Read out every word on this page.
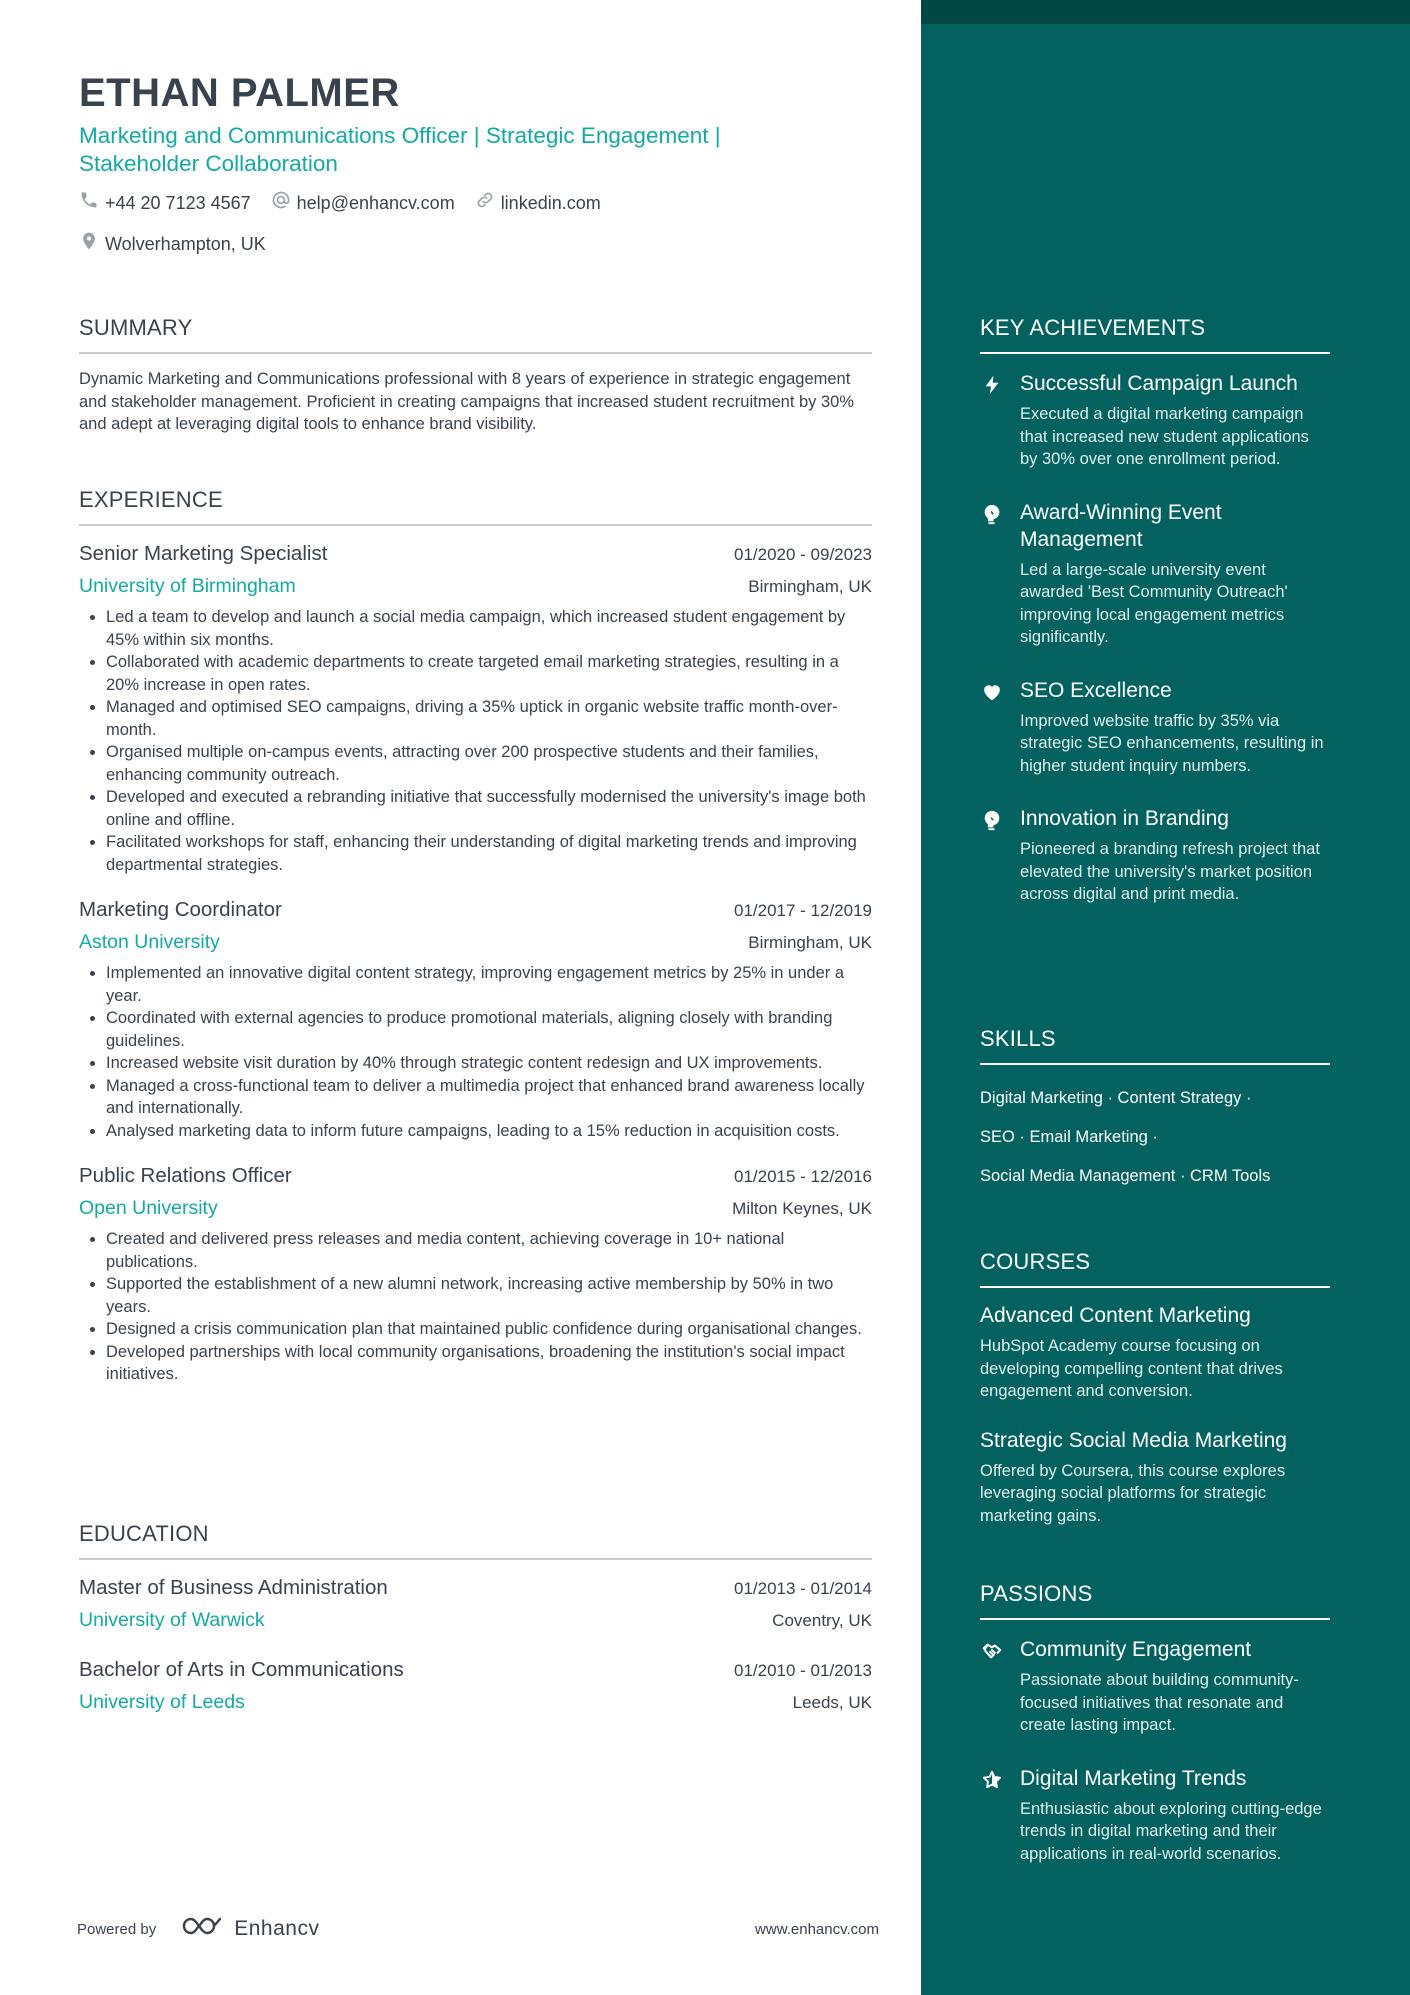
ETHAN PALMER
Marketing and Communications Officer | Strategic Engagement | Stakeholder Collaboration
+44 20 7123 4567	help@enhancv.com	linkedin.com
Wolverhampton, UK
SUMMARY
Dynamic Marketing and Communications professional with 8 years of experience in strategic engagement and stakeholder management. Proficient in creating campaigns that increased student recruitment by 30% and adept at leveraging digital tools to enhance brand visibility.
EXPERIENCE
Senior Marketing Specialist	01/2020 - 09/2023
University of Birmingham	Birmingham, UK
• Led a team to develop and launch a social media campaign, which increased student engagement by 45% within six months.
• Collaborated with academic departments to create targeted email marketing strategies, resulting in a 20% increase in open rates.
• Managed and optimised SEO campaigns, driving a 35% uptick in organic website traffic month-over-month.
• Organised multiple on-campus events, attracting over 200 prospective students and their families, enhancing community outreach.
• Developed and executed a rebranding initiative that successfully modernised the university's image both online and offline.
• Facilitated workshops for staff, enhancing their understanding of digital marketing trends and improving departmental strategies.
Marketing Coordinator	01/2017 - 12/2019
Aston University	Birmingham, UK
• Implemented an innovative digital content strategy, improving engagement metrics by 25% in under a year.
• Coordinated with external agencies to produce promotional materials, aligning closely with branding guidelines.
• Increased website visit duration by 40% through strategic content redesign and UX improvements.
• Managed a cross-functional team to deliver a multimedia project that enhanced brand awareness locally and internationally.
• Analysed marketing data to inform future campaigns, leading to a 15% reduction in acquisition costs.
Public Relations Officer	01/2015 - 12/2016
Open University	Milton Keynes, UK
• Created and delivered press releases and media content, achieving coverage in 10+ national publications.
• Supported the establishment of a new alumni network, increasing active membership by 50% in two years.
• Designed a crisis communication plan that maintained public confidence during organisational changes.
• Developed partnerships with local community organisations, broadening the institution's social impact initiatives.
EDUCATION
Master of Business Administration	01/2013 - 01/2014
University of Warwick	Coventry, UK
Bachelor of Arts in Communications	01/2010 - 01/2013
University of Leeds	Leeds, UK
Powered by	Enhancv	www.enhancv.com
KEY ACHIEVEMENTS
Successful Campaign Launch
Executed a digital marketing campaign that increased new student applications by 30% over one enrollment period.
Award-Winning Event Management
Led a large-scale university event awarded 'Best Community Outreach' improving local engagement metrics significantly.
SEO Excellence
Improved website traffic by 35% via strategic SEO enhancements, resulting in higher student inquiry numbers.
Innovation in Branding
Pioneered a branding refresh project that elevated the university's market position across digital and print media.
SKILLS
Digital Marketing · Content Strategy ·
SEO · Email Marketing ·
Social Media Management · CRM Tools
COURSES
Advanced Content Marketing
HubSpot Academy course focusing on developing compelling content that drives engagement and conversion.
Strategic Social Media Marketing
Offered by Coursera, this course explores leveraging social platforms for strategic marketing gains.
PASSIONS
Community Engagement
Passionate about building community-focused initiatives that resonate and create lasting impact.
Digital Marketing Trends
Enthusiastic about exploring cutting-edge trends in digital marketing and their applications in real-world scenarios.
